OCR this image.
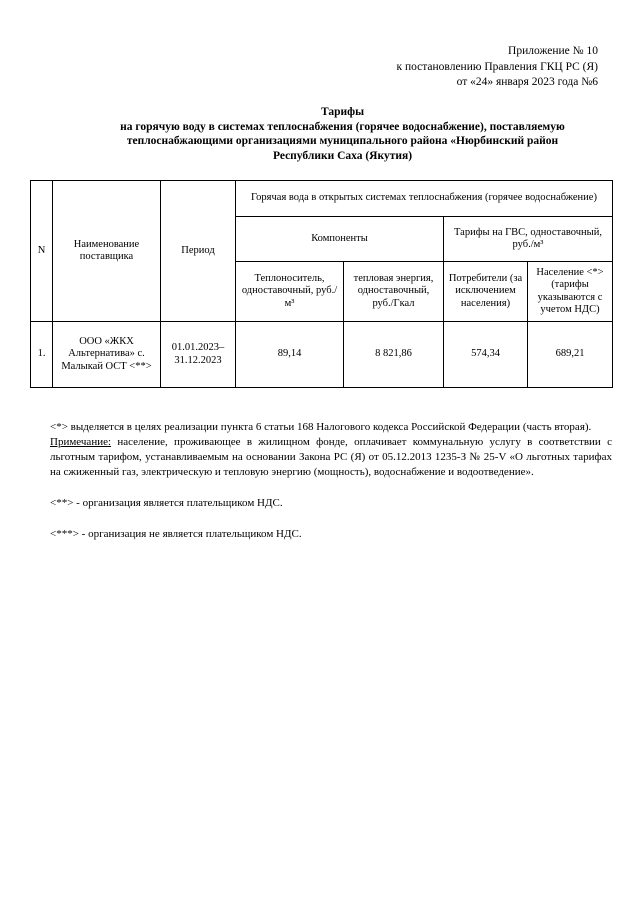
Приложение № 10
к постановлению Правления ГКЦ РС (Я)
от «24» января 2023 года №6
Тарифы
на горячую воду в системах теплоснабжения (горячее водоснабжение), поставляемую
теплоснабжающими организациями муниципального района «Нюрбинский район
Республики Саха (Якутия)
N	Наименование поставщика	Период	Горячая вода в открытых системах теплоснабжения (горячее водоснабжение)			
			Компоненты		Тарифы на ГВС, одноставочный, руб./м³	
			Теплоноситель, одноставочный, руб./м³	тепловая энергия, одноставочный, руб./Гкал	Потребители (за исключением населения)	Население <*> (тарифы указываются с учетом НДС)
1.	ООО «ЖКХ Альтернатива» с. Малыкай ОСТ <**>	01.01.2023–31.12.2023	89,14	8 821,86	574,34	689,21

<*> выделяется в целях реализации пункта 6 статьи 168 Налогового кодекса Российской Федерации (часть вторая).

Примечание: население, проживающее в жилищном фонде, оплачивает коммунальную услугу в соответствии с льготным тарифом, устанавливаемым на основании Закона РС (Я) от 05.12.2013 1235-З № 25-V «О льготных тарифах на сжиженный газ, электрическую и тепловую энергию (мощность), водоснабжение и водоотведение».

<**> - организация является плательщиком НДС.

<***> - организация не является плательщиком НДС.
